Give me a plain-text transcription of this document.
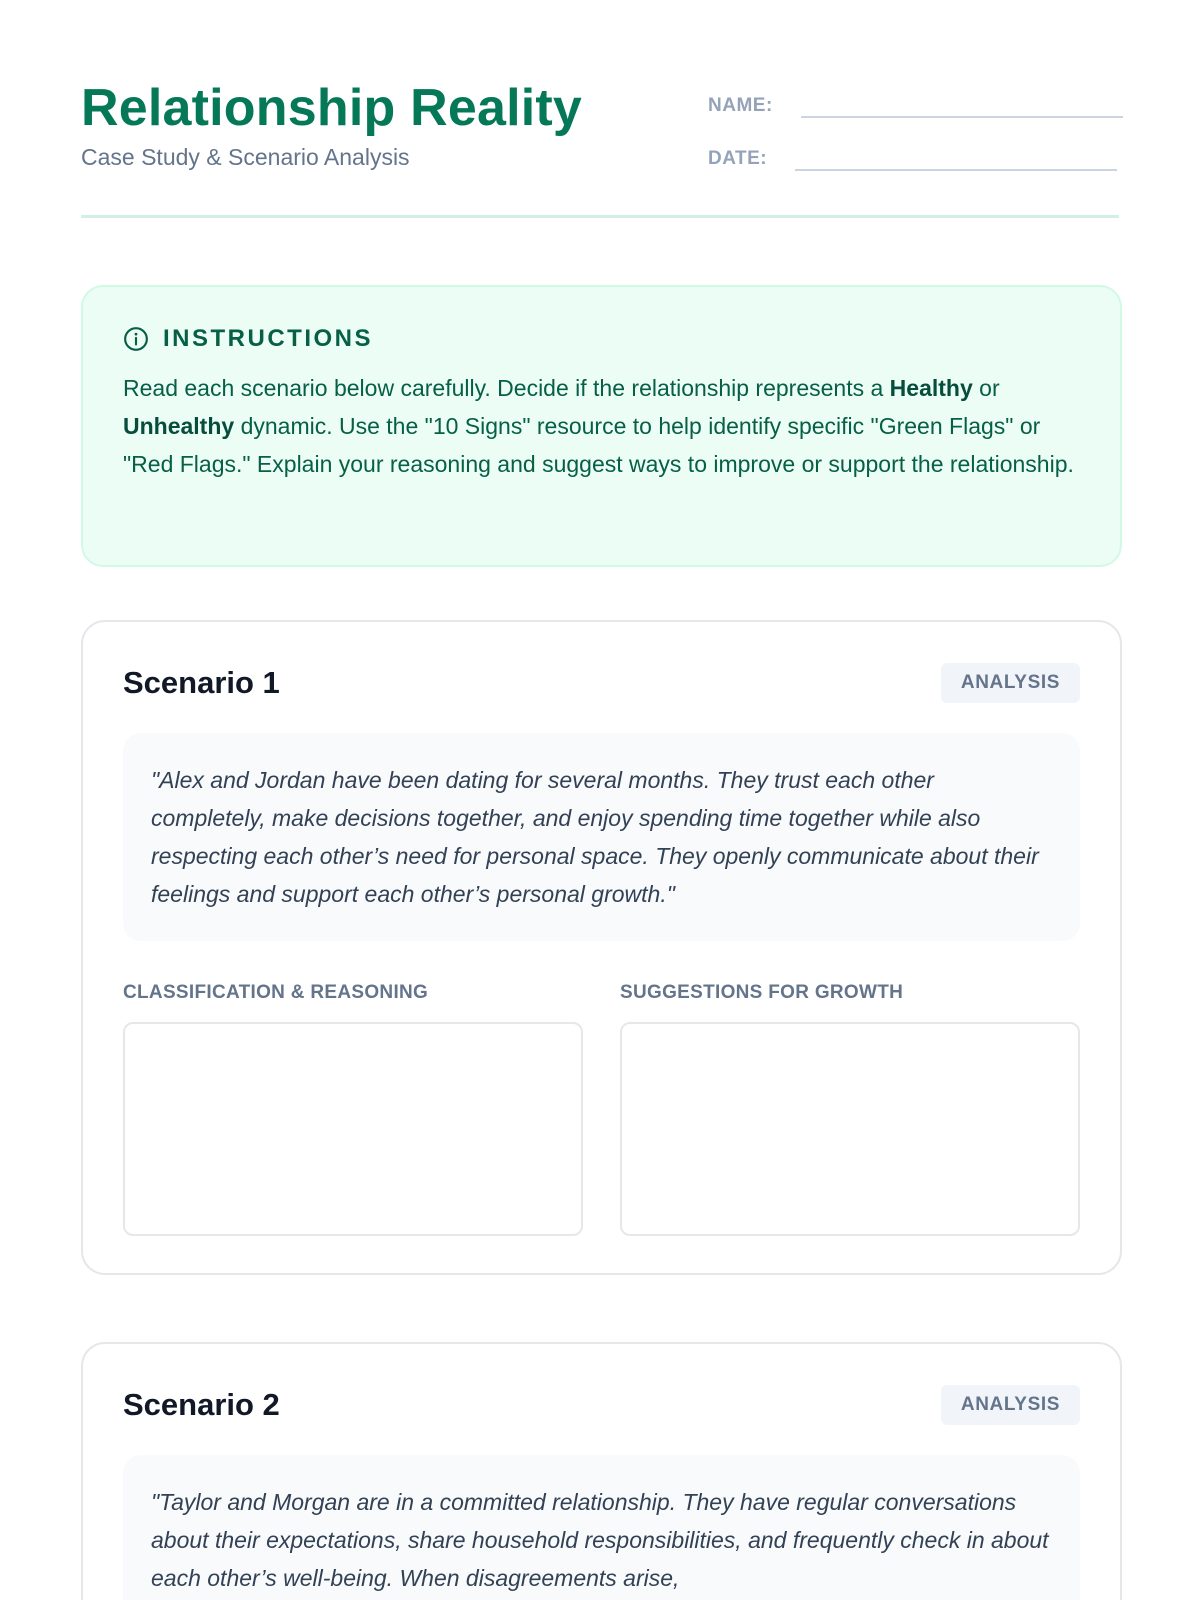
Relationship Reality
Case Study & Scenario Analysis
NAME:
DATE:
INSTRUCTIONS

Read each scenario below carefully. Decide if the relationship represents a Healthy or Unhealthy dynamic. Use the "10 Signs" resource to help identify specific "Green Flags" or "Red Flags." Explain your reasoning and suggest ways to improve or support the relationship.

Scenario 1	ANALYSIS
"Alex and Jordan have been dating for several months. They trust each other completely, make decisions together, and enjoy spending time together while also respecting each other’s need for personal space. They openly communicate about their feelings and support each other’s personal growth."
CLASSIFICATION & REASONING	SUGGESTIONS FOR GROWTH
Scenario 2	ANALYSIS
"Taylor and Morgan are in a committed relationship. They have regular conversations about their expectations, share household responsibilities, and frequently check in about each other’s well-being. When disagreements arise,
